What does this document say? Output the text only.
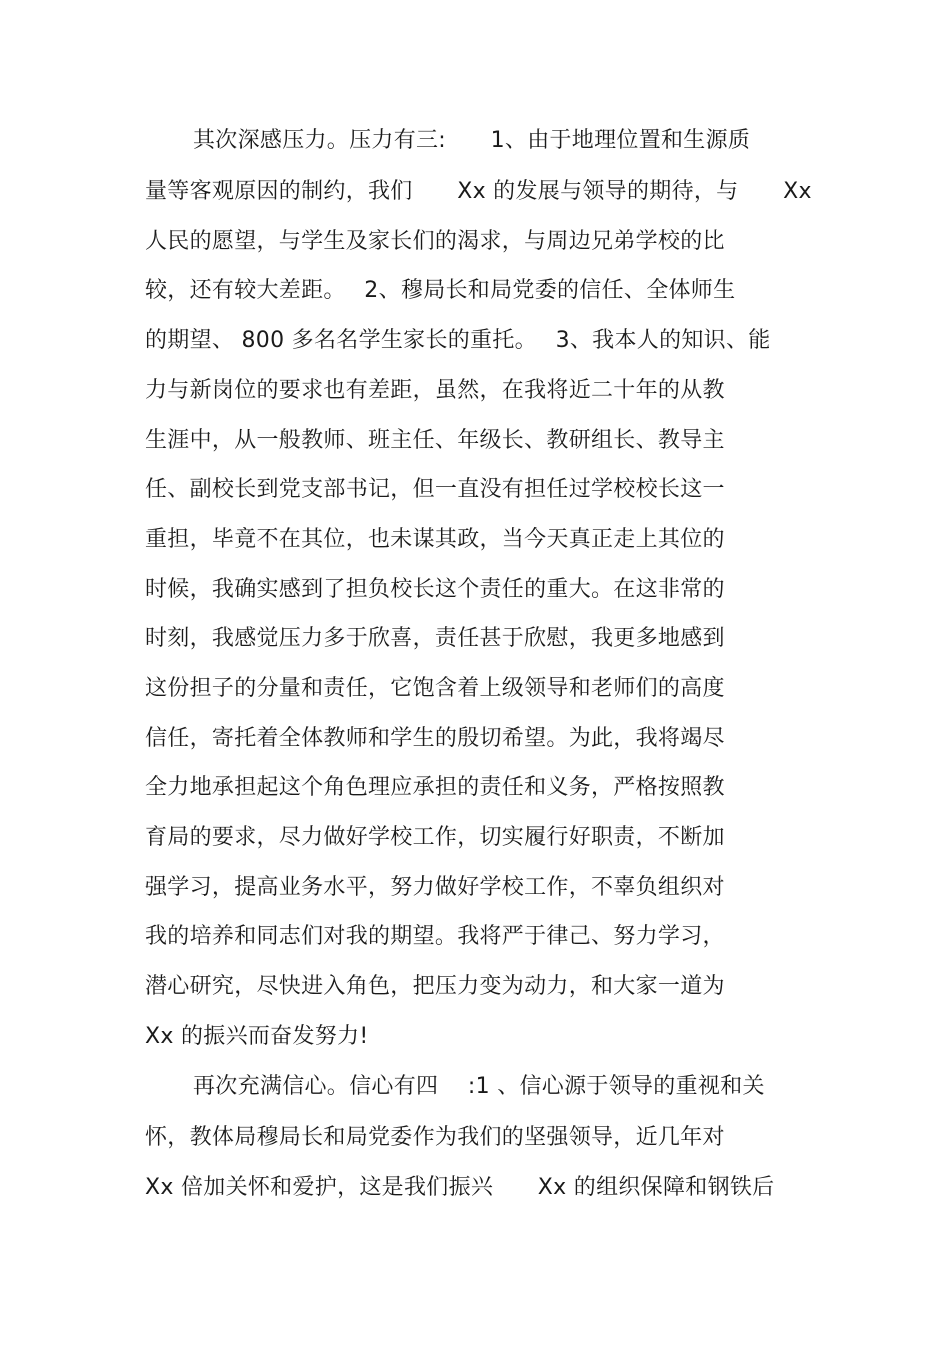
其次深感压力。压力有三:　　1、由于地理位置和生源质
量等客观原因的制约，我们　　Xx 的发展与领导的期待，与　　Xx
人民的愿望，与学生及家长们的渴求，与周边兄弟学校的比
较，还有较大差距。　 2、穆局长和局党委的信任、全体师生
的期望、 800 多名名学生家长的重托。　 3、我本人的知识、能
力与新岗位的要求也有差距，虽然，在我将近二十年的从教
生涯中，从一般教师、班主任、年级长、教研组长、教导主
任、副校长到党支部书记，但一直没有担任过学校校长这一
重担，毕竟不在其位，也未谋其政，当今天真正走上其位的
时候，我确实感到了担负校长这个责任的重大。在这非常的
时刻，我感觉压力多于欣喜，责任甚于欣慰，我更多地感到
这份担子的分量和责任，它饱含着上级领导和老师们的高度
信任，寄托着全体教师和学生的殷切希望。为此，我将竭尽
全力地承担起这个角色理应承担的责任和义务，严格按照教
育局的要求，尽力做好学校工作，切实履行好职责，不断加
强学习，提高业务水平，努力做好学校工作，不辜负组织对
我的培养和同志们对我的期望。我将严于律己、努力学习，
潜心研究，尽快进入角色，把压力变为动力，和大家一道为
Xx 的振兴而奋发努力!
再次充满信心。信心有四　 :1 、信心源于领导的重视和关
怀，教体局穆局长和局党委作为我们的坚强领导，近几年对
Xx 倍加关怀和爱护，这是我们振兴　　Xx 的组织保障和钢铁后
